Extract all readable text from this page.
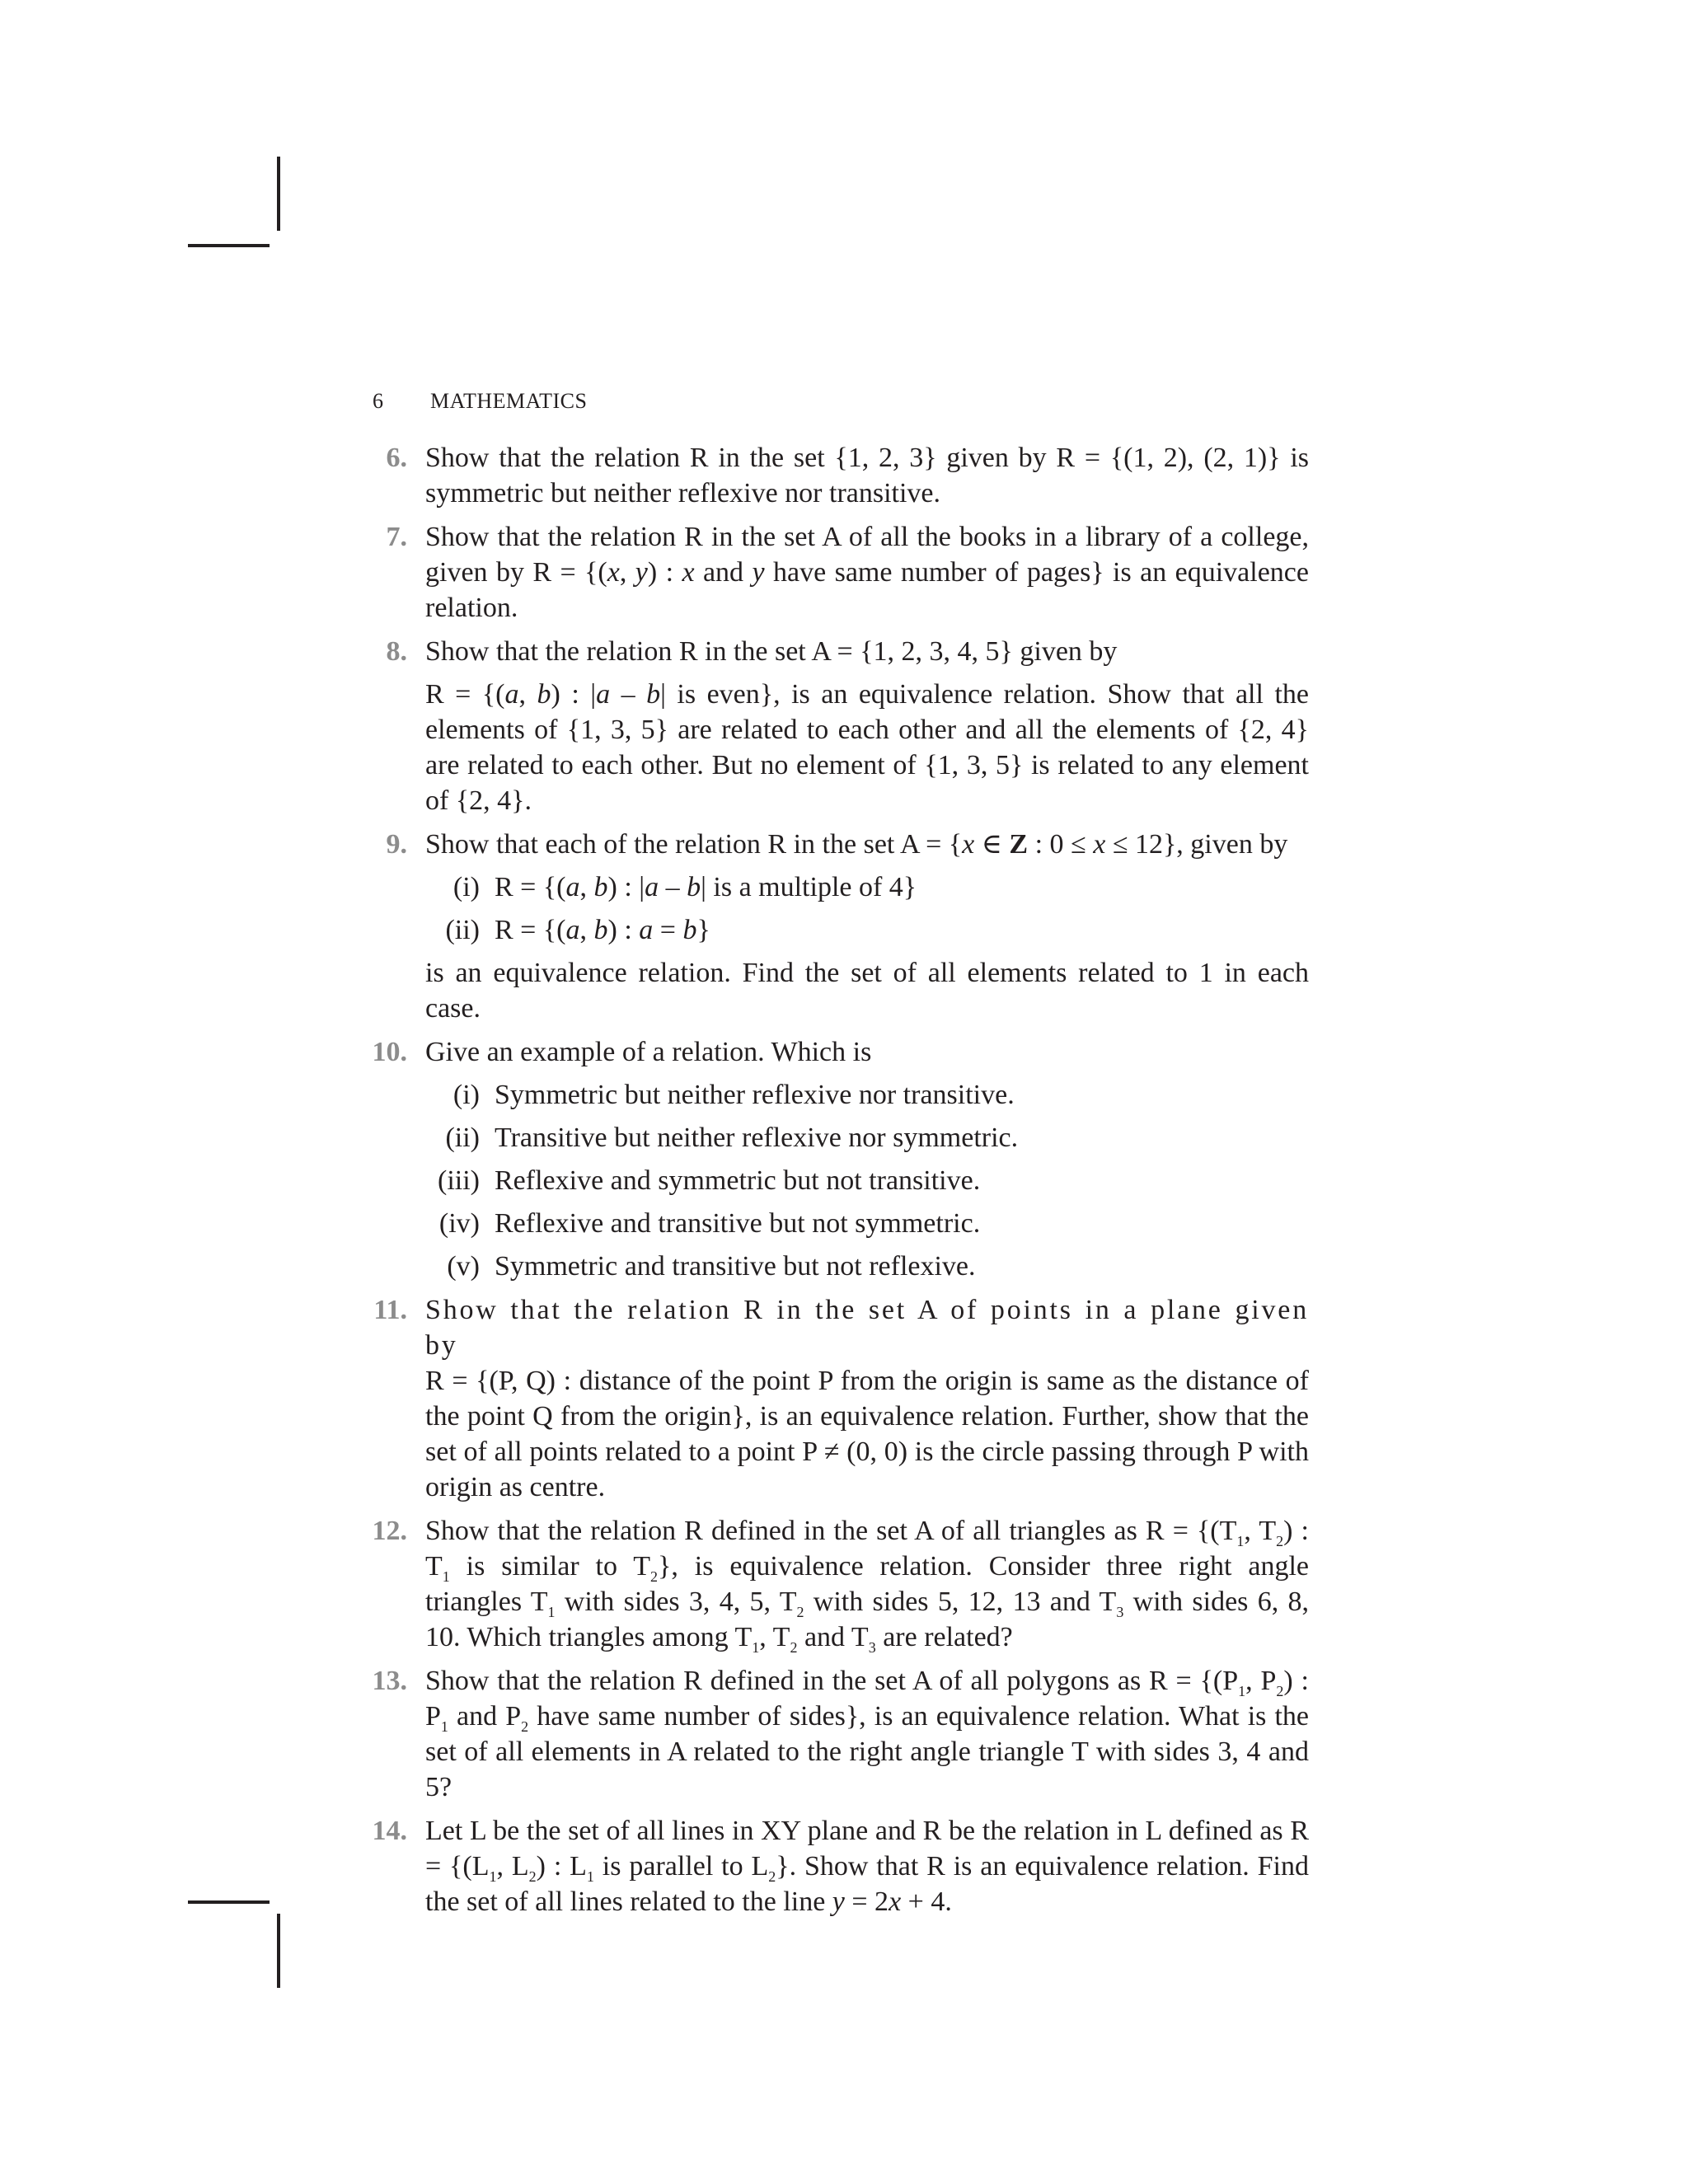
6 MATHEMATICS
6. Show that the relation R in the set {1, 2, 3} given by R = {(1, 2), (2, 1)} is symmetric but neither reflexive nor transitive.

7. Show that the relation R in the set A of all the books in a library of a college, given by R = {(x, y) : x and y have same number of pages} is an equivalence relation.

8. Show that the relation R in the set A = {1, 2, 3, 4, 5} given by

R = {(a, b) : |a – b| is even}, is an equivalence relation. Show that all the elements of {1, 3, 5} are related to each other and all the elements of {2, 4} are related to each other. But no element of {1, 3, 5} is related to any element of {2, 4}.

9. Show that each of the relation R in the set A = {x ∈ Z : 0 ≤ x ≤ 12}, given by

(i) R = {(a, b) : |a – b| is a multiple of 4}
(ii) R = {(a, b) : a = b}

is an equivalence relation. Find the set of all elements related to 1 in each case.

10. Give an example of a relation. Which is

(i) Symmetric but neither reflexive nor transitive.
(ii) Transitive but neither reflexive nor symmetric.
(iii) Reflexive and symmetric but not transitive.
(iv) Reflexive and transitive but not symmetric.
(v) Symmetric and transitive but not reflexive.
11. Show that the relation R in the set A of points in a plane given by

R = {(P, Q) : distance of the point P from the origin is same as the distance of the point Q from the origin}, is an equivalence relation. Further, show that the set of all points related to a point P ≠ (0, 0) is the circle passing through P with origin as centre.

12. Show that the relation R defined in the set A of all triangles as $R = \{(T_1$, $T_2$) : $T_1$ is similar to $T_2$}, is equivalence relation. Consider three right angle triangles $T_1$ with sides 3, 4, 5, $T_2$ with sides 5, 12, 13 and $T_3$ with sides 6, 8, 10. Which triangles among $T_1$, $T_2$ and $T_3$ are related?

13. Show that the relation R defined in the set A of all polygons as $R = \{(P_1$, $P_2$) : $P_1$ and $P_2$ have same number of sides}, is an equivalence relation. What is the set of all elements in A related to the right angle triangle T with sides 3, 4 and 5?

14. Let L be the set of all lines in XY plane and R be the relation in L defined as $R = \{(L_1$, $L_2$) : $L_1$ is parallel to $L_2$}. Show that R is an equivalence relation. Find the set of all lines related to the line y = 2x + 4.
